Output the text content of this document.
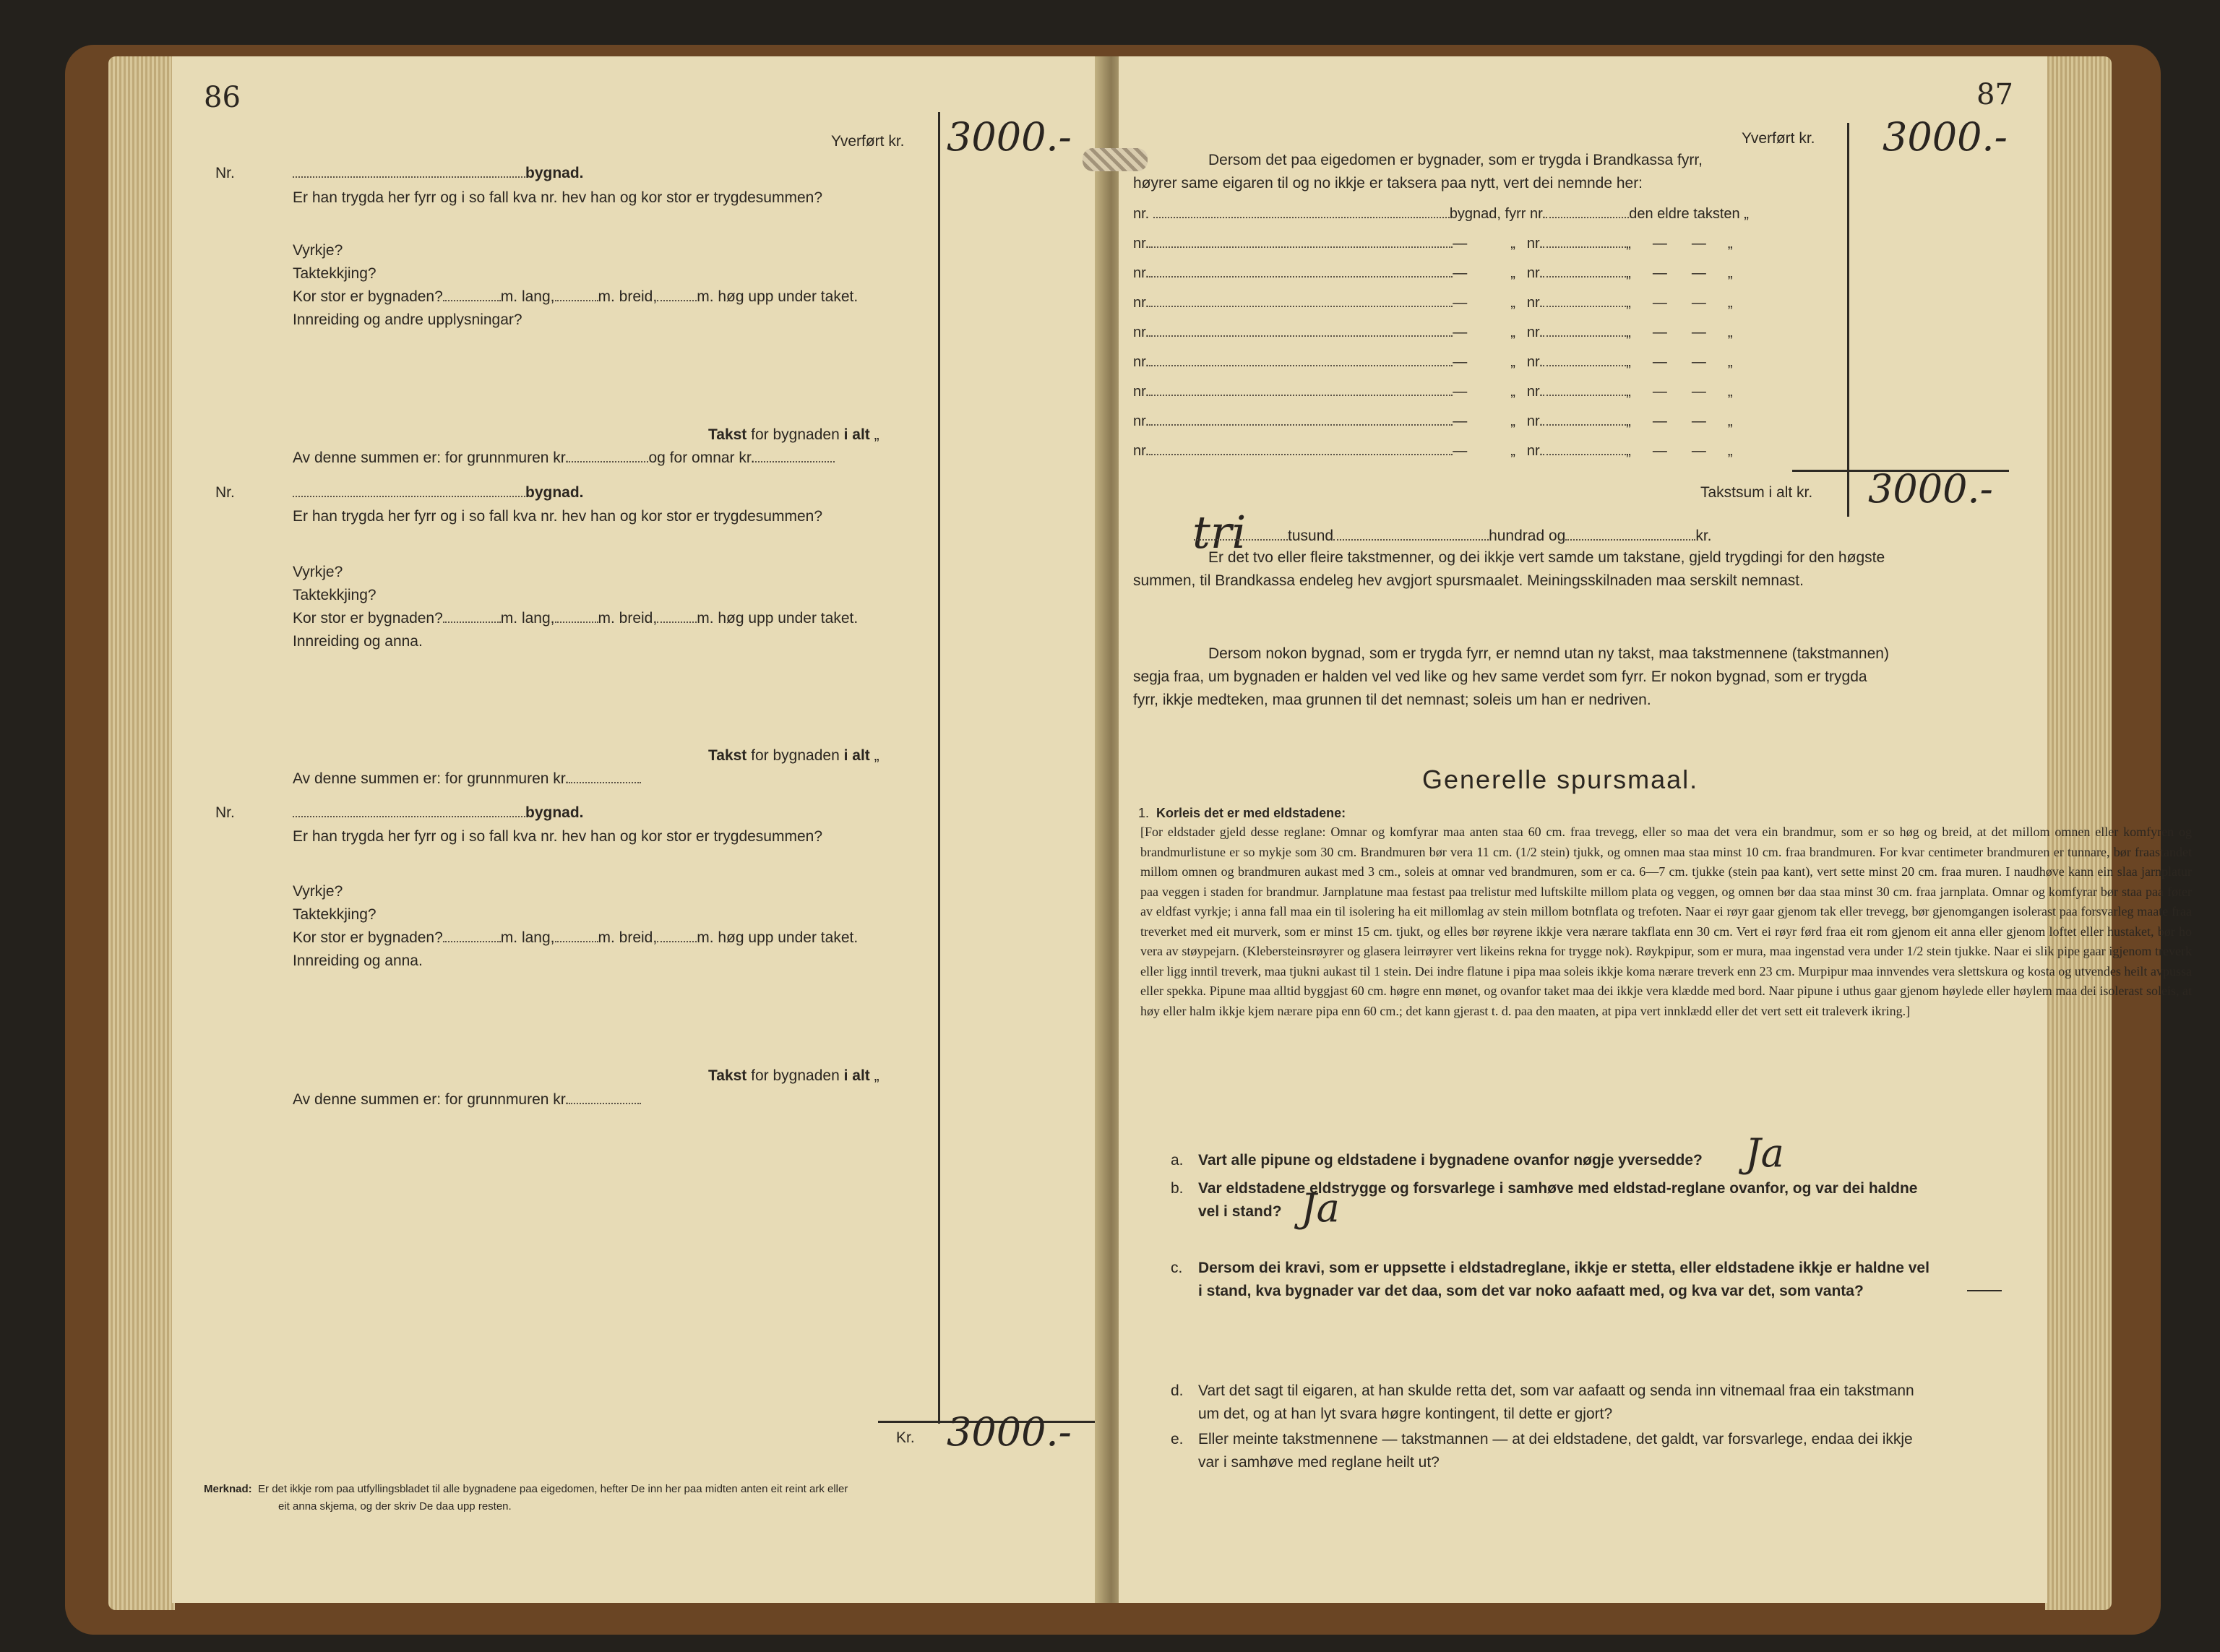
86
Yverført kr. 3000.-
Nr.	bygnad.
Er han trygda her fyrr og i so fall kva nr. hev han og kor stor er trygdesummen?
Vyrkje?
Taktekkjing?
Kor stor er bygnaden?	m. lang,	m. breid,	m. høg upp under taket.
Innreiding og andre upplysningar?
Takst for bygnaden i alt „
Av denne summen er: for grunnmuren kr.	og for omnar kr.
Nr.	bygnad.
Er han trygda her fyrr og i so fall kva nr. hev han og kor stor er trygdesummen?
Vyrkje?
Taktekkjing?
Kor stor er bygnaden?	m. lang,	m. breid,	m. høg upp under taket.
Innreiding og anna.
Takst for bygnaden i alt „
Av denne summen er: for grunnmuren kr.
Nr.	bygnad.
Er han trygda her fyrr og i so fall kva nr. hev han og kor stor er trygdesummen?
Vyrkje?
Taktekkjing?
Kor stor er bygnaden?	m. lang,	m. breid,	m. høg upp under taket.
Innreiding og anna.
Takst for bygnaden i alt „
Av denne summen er: for grunnmuren kr.
Kr. 3000.-
Merknad: Er det ikkje rom paa utfyllingsbladet til alle bygnadene paa eigedomen, hefter De inn her paa midten anten eit reint ark eller
eit anna skjema, og der skriv De daa upp resten.
87
Yverført kr. 3000.-
Dersom det paa eigedomen er bygnader, som er trygda i Brandkassa fyrr,
høyrer same eigaren til og no ikkje er taksera paa nytt, vert dei nemnde her:
nr.	bygnad, fyrr nr.	den eldre taksten „
nr.	—	„ nr.	„ — — „
nr.	—	„ nr.	„ — — „
nr.	—	„ nr.	„ — — „
nr.	—	„ nr.	„ — — „
nr.	—	„ nr.	„ — — „
nr.	—	„ nr.	„ — — „
nr.	—	„ nr.	„ — — „
nr.	—	„ nr.	„ — — „
Takstsum i alt kr. 3000.-
tri	tusund	hundrad og	kr.
Er det tvo eller fleire takstmenner, og dei ikkje vert samde um takstane, gjeld trygdingi for den høgste
summen, til Brandkassa endeleg hev avgjort spursmaalet. Meiningsskilnaden maa serskilt nemnast.
Dersom nokon bygnad, som er trygda fyrr, er nemnd utan ny takst, maa takstmennene (takstmannen)
segja fraa, um bygnaden er halden vel ved like og hev same verdet som fyrr. Er nokon bygnad, som er trygda
fyrr, ikkje medteken, maa grunnen til det nemnast; soleis um han er nedriven.
Generelle spursmaal.
1. Korleis det er med eldstadene:
[For eldstader gjeld desse reglane: Omnar og komfyrar maa anten staa 60 cm. fraa trevegg, eller so maa det vera ein brandmur, som er so høg og breid, at det millom omnen eller komfyren og brandmurlistune er so mykje som 30 cm. Brandmuren bør vera 11 cm. (1/2 stein) tjukk, og omnen maa staa minst 10 cm. fraa brandmuren. For kvar centimeter brandmuren er tunnare, bør fraastandet millom omnen og brandmuren aukast med 3 cm., soleis at omnar ved brandmuren, som er ca. 6—7 cm. tjukke (stein paa kant), vert sette minst 20 cm. fraa muren. I naudhøve kann ein slaa jarnplatur paa veggen i staden for brandmur. Jarnplatune maa festast paa trelistur med luftskilte millom plata og veggen, og omnen bør daa staa minst 30 cm. fraa jarnplata. Omnar og komfyrar bør staa paa føter av eldfast vyrkje; i anna fall maa ein til isolering ha eit millomlag av stein millom botnflata og trefoten. Naar ei røyr gaar gjenom tak eller trevegg, bør gjenomgangen isolerast paa forsvarleg maate fraa treverket med eit murverk, som er minst 15 cm. tjukt, og elles bør røyrene ikkje vera nærare takflata enn 30 cm. Vert ei røyr førd fraa eit rom gjenom eit anna eller gjenom loftet eller hustaket, bør ho vera av støypejarn. (Klebersteinsrøyrer og glasera leirrøyrer vert likeins rekna for trygge nok). Røykpipur, som er mura, maa ingenstad vera under 1/2 stein tjukke. Naar ei slik pipe gaar igjenom treverk eller ligg inntil treverk, maa tjukni aukast til 1 stein. Dei indre flatune i pipa maa soleis ikkje koma nærare treverk enn 23 cm. Murpipur maa innvendes vera slettskura og kosta og utvendes heilt avpussa eller spekka. Pipune maa alltid byggjast 60 cm. høgre enn mønet, og ovanfor taket maa dei ikkje vera klædde med bord. Naar pipune i uthus gaar gjenom høylede eller høylem maa dei isolerast soleis, at høy eller halm ikkje kjem nærare pipa enn 60 cm.; det kann gjerast t. d. paa den maaten, at pipa vert innklædd eller det vert sett eit traleverk ikring.]
a. Vart alle pipune og eldstadene i bygnadene ovanfor nøgje yversedde? Ja
b. Var eldstadene eldstrygge og forsvarlege i samhøve med eldstad-reglane ovanfor, og var dei haldne
vel i stand? Ja
c. Dersom dei kravi, som er uppsette i eldstadreglane, ikkje er stetta, eller eldstadene ikkje er haldne vel
i stand, kva bygnader var det daa, som det var noko aafaatt med, og kva var det, som vanta?
d. Vart det sagt til eigaren, at han skulde retta det, som var aafaatt og senda inn vitnemaal fraa ein takstmann
um det, og at han lyt svara høgre kontingent, til dette er gjort?
e. Eller meinte takstmennene — takstmannen — at dei eldstadene, det galdt, var forsvarlege, endaa dei ikkje
var i samhøve med reglane heilt ut?
